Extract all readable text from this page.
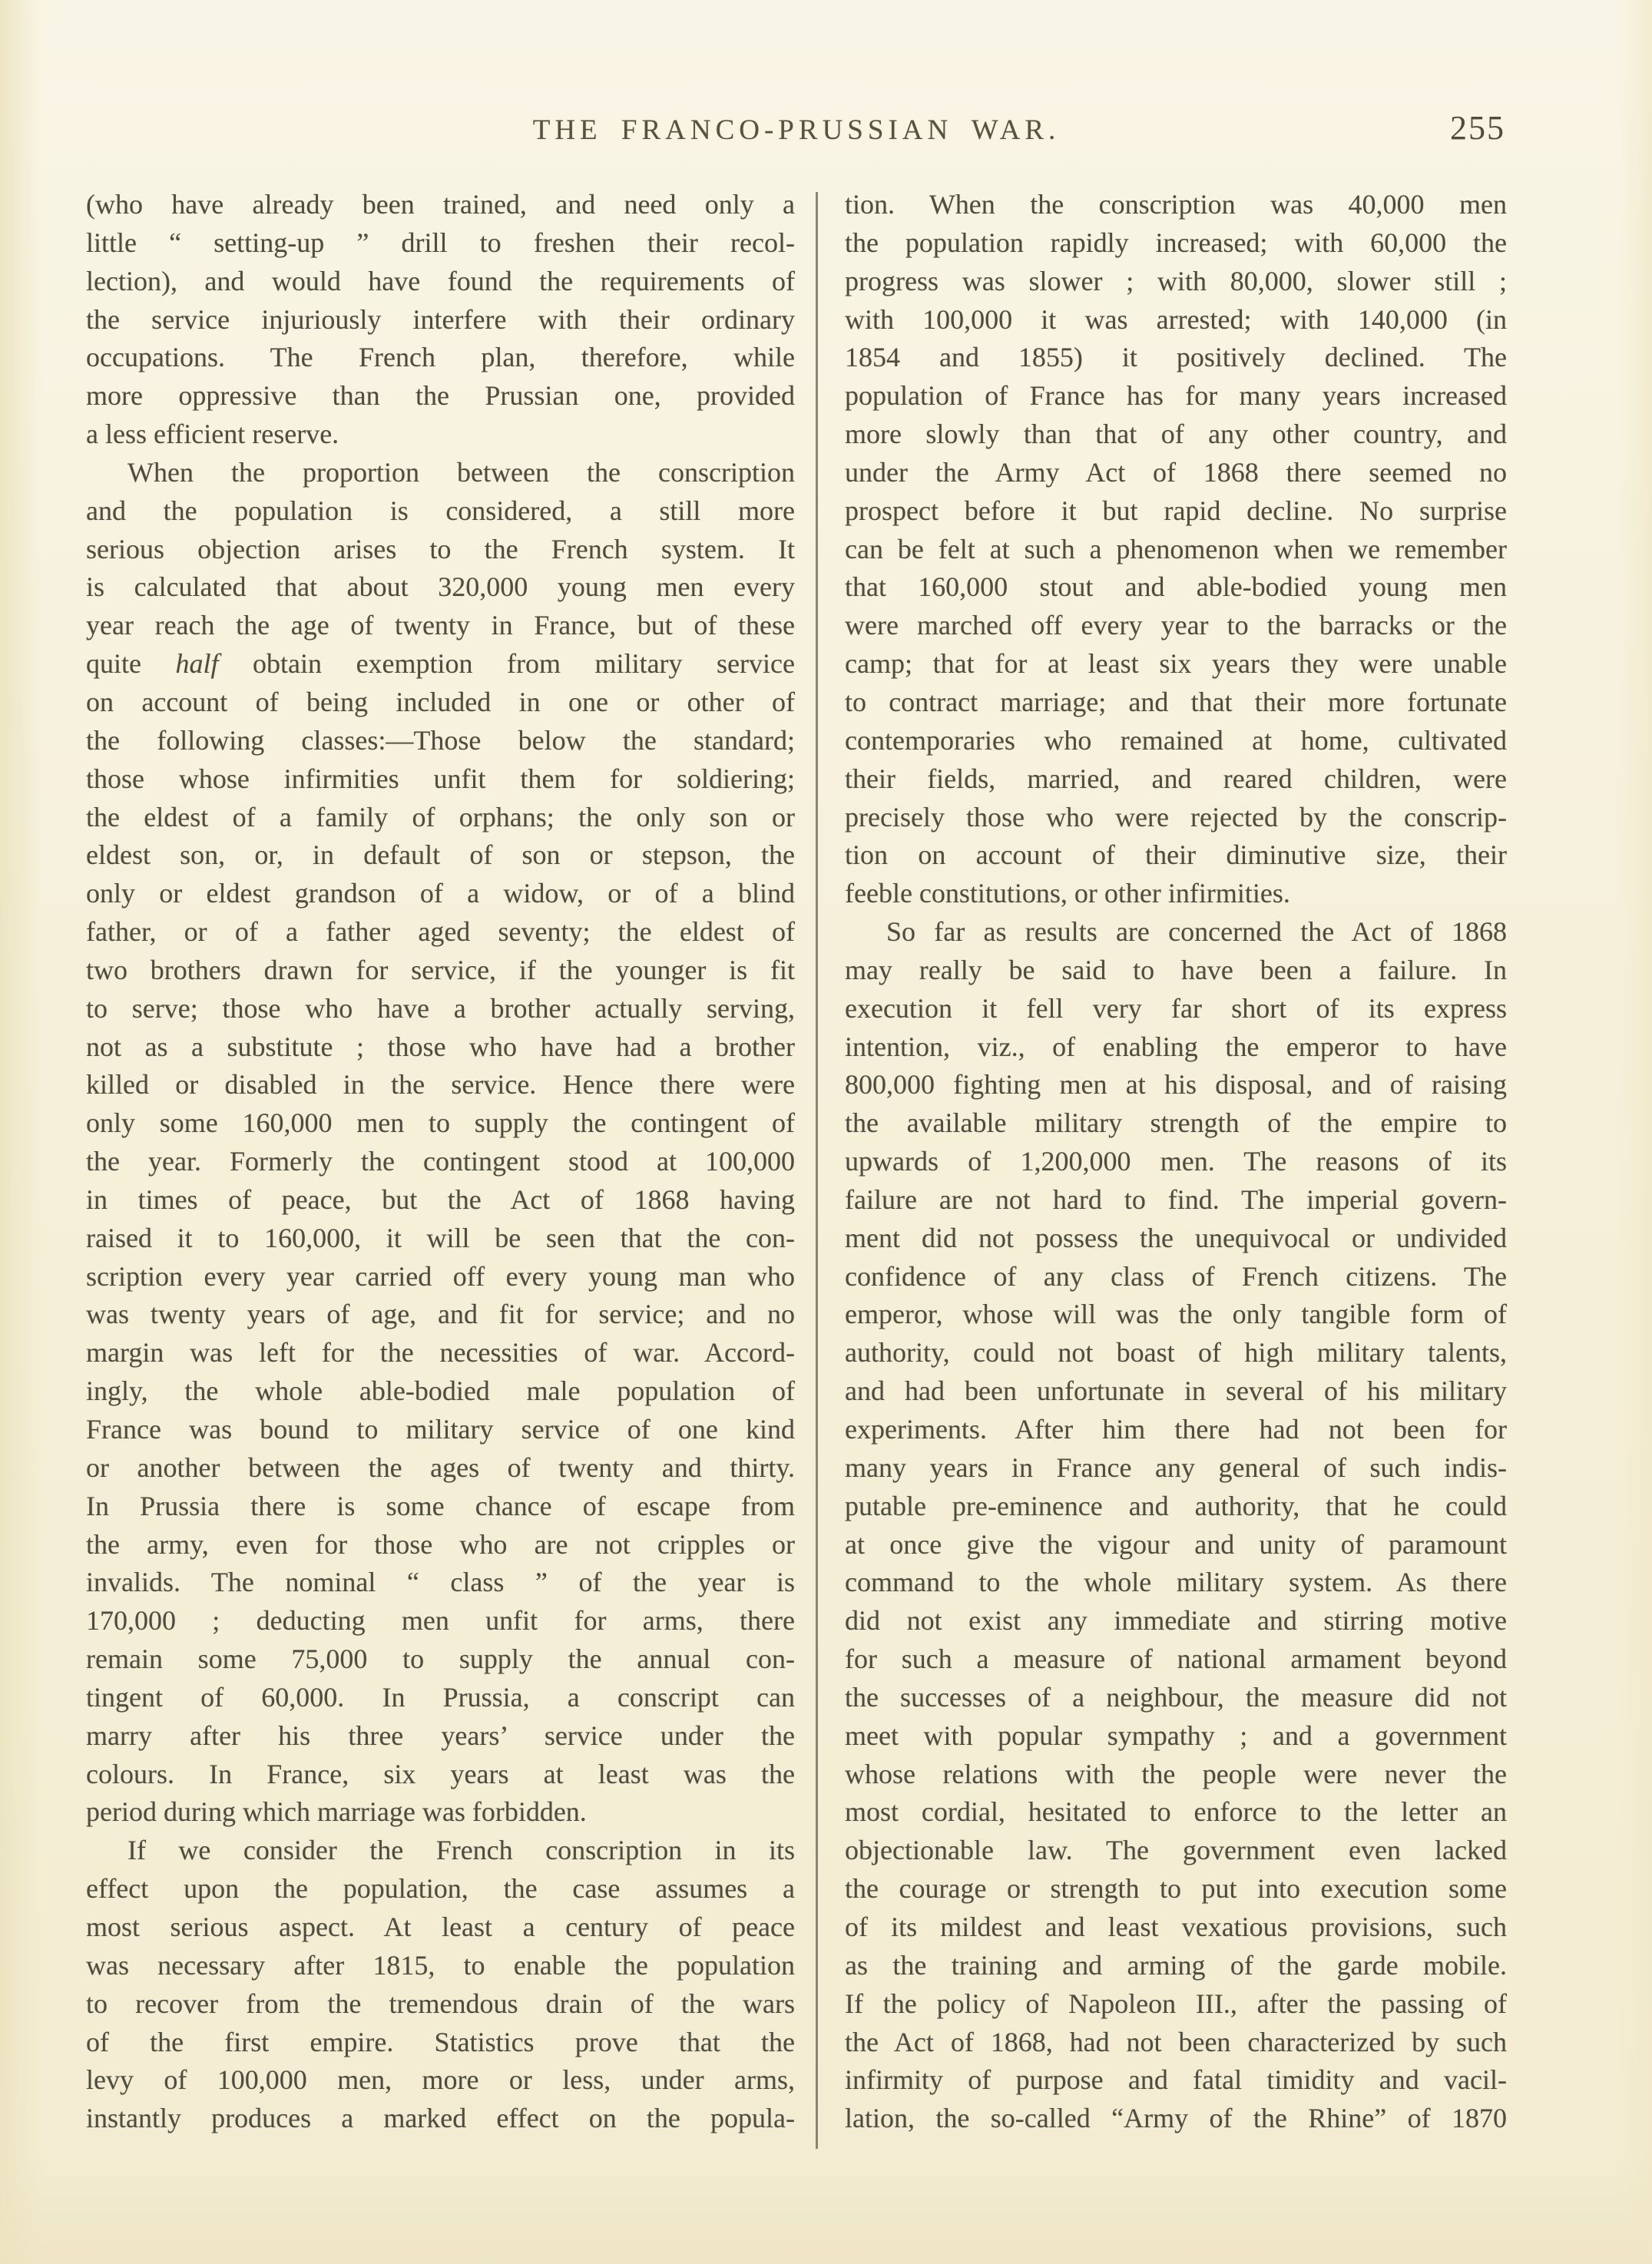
THE FRANCO-PRUSSIAN WAR.	255
(who have already been trained, and need only a
little “ setting-up ” drill to freshen their recol-
lection), and would have found the requirements of
the service injuriously interfere with their ordinary
occupations. The French plan, therefore, while
more oppressive than the Prussian one, provided
a less efficient reserve.
When the proportion between the conscription
and the population is considered, a still more
serious objection arises to the French system. It
is calculated that about 320,000 young men every
year reach the age of twenty in France, but of these
quite half obtain exemption from military service
on account of being included in one or other of
the following classes:—Those below the standard;
those whose infirmities unfit them for soldiering;
the eldest of a family of orphans; the only son or
eldest son, or, in default of son or stepson, the
only or eldest grandson of a widow, or of a blind
father, or of a father aged seventy; the eldest of
two brothers drawn for service, if the younger is fit
to serve; those who have a brother actually serving,
not as a substitute ; those who have had a brother
killed or disabled in the service. Hence there were
only some 160,000 men to supply the contingent of
the year. Formerly the contingent stood at 100,000
in times of peace, but the Act of 1868 having
raised it to 160,000, it will be seen that the con-
scription every year carried off every young man who
was twenty years of age, and fit for service; and no
margin was left for the necessities of war. Accord-
ingly, the whole able-bodied male population of
France was bound to military service of one kind
or another between the ages of twenty and thirty.
In Prussia there is some chance of escape from
the army, even for those who are not cripples or
invalids. The nominal “ class ” of the year is
170,000 ; deducting men unfit for arms, there
remain some 75,000 to supply the annual con-
tingent of 60,000. In Prussia, a conscript can
marry after his three years’ service under the
colours. In France, six years at least was the
period during which marriage was forbidden.
If we consider the French conscription in its
effect upon the population, the case assumes a
most serious aspect. At least a century of peace
was necessary after 1815, to enable the population
to recover from the tremendous drain of the wars
of the first empire. Statistics prove that the
levy of 100,000 men, more or less, under arms,
instantly produces a marked effect on the popula-
tion. When the conscription was 40,000 men
the population rapidly increased; with 60,000 the
progress was slower ; with 80,000, slower still ;
with 100,000 it was arrested; with 140,000 (in
1854 and 1855) it positively declined. The
population of France has for many years increased
more slowly than that of any other country, and
under the Army Act of 1868 there seemed no
prospect before it but rapid decline. No surprise
can be felt at such a phenomenon when we remember
that 160,000 stout and able-bodied young men
were marched off every year to the barracks or the
camp; that for at least six years they were unable
to contract marriage; and that their more fortunate
contemporaries who remained at home, cultivated
their fields, married, and reared children, were
precisely those who were rejected by the conscrip-
tion on account of their diminutive size, their
feeble constitutions, or other infirmities.
So far as results are concerned the Act of 1868
may really be said to have been a failure. In
execution it fell very far short of its express
intention, viz., of enabling the emperor to have
800,000 fighting men at his disposal, and of raising
the available military strength of the empire to
upwards of 1,200,000 men. The reasons of its
failure are not hard to find. The imperial govern-
ment did not possess the unequivocal or undivided
confidence of any class of French citizens. The
emperor, whose will was the only tangible form of
authority, could not boast of high military talents,
and had been unfortunate in several of his military
experiments. After him there had not been for
many years in France any general of such indis-
putable pre-eminence and authority, that he could
at once give the vigour and unity of paramount
command to the whole military system. As there
did not exist any immediate and stirring motive
for such a measure of national armament beyond
the successes of a neighbour, the measure did not
meet with popular sympathy ; and a government
whose relations with the people were never the
most cordial, hesitated to enforce to the letter an
objectionable law. The government even lacked
the courage or strength to put into execution some
of its mildest and least vexatious provisions, such
as the training and arming of the garde mobile.
If the policy of Napoleon III., after the passing of
the Act of 1868, had not been characterized by such
infirmity of purpose and fatal timidity and vacil-
lation, the so-called “Army of the Rhine” of 1870
